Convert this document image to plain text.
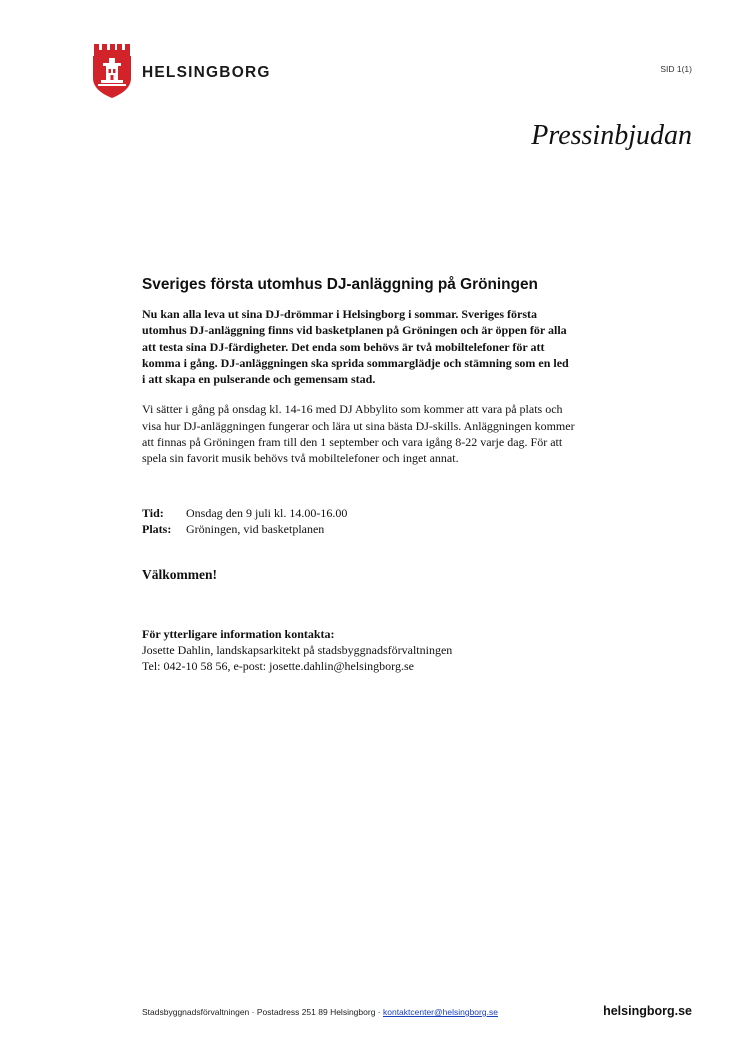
HELSINGBORG	SID 1(1)
Pressinbjudan
Sveriges första utomhus DJ-anläggning på Gröningen
Nu kan alla leva ut sina DJ-drömmar i Helsingborg i sommar. Sveriges första
utomhus DJ-anläggning finns vid basketplanen på Gröningen och är öppen för alla
att testa sina DJ-färdigheter. Det enda som behövs är två mobiltelefoner för att
komma i gång. DJ-anläggningen ska sprida sommarglädje och stämning som en led
i att skapa en pulserande och gemensam stad.
Vi sätter i gång på onsdag kl. 14-16 med DJ Abbylito som kommer att vara på plats och
visa hur DJ-anläggningen fungerar och lära ut sina bästa DJ-skills. Anläggningen kommer
att finnas på Gröningen fram till den 1 september och vara igång 8-22 varje dag. För att
spela sin favorit musik behövs två mobiltelefoner och inget annat.
Tid:	Onsdag den 9 juli kl. 14.00-16.00
Plats:	Gröningen, vid basketplanen
Välkommen!
För ytterligare information kontakta:
Josette Dahlin, landskapsarkitekt på stadsbyggnadsförvaltningen
Tel: 042-10 58 56, e-post: josette.dahlin@helsingborg.se
Stadsbyggnadsförvaltningen · Postadress 251 89 Helsingborg · kontaktcenter@helsingborg.se	helsingborg.se
